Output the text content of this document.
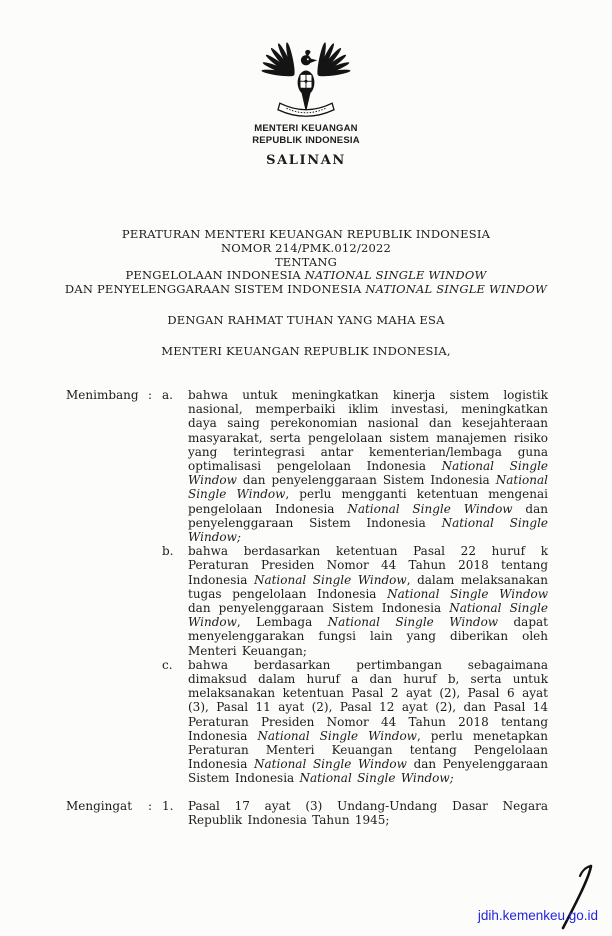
MENTERI KEUANGAN
REPUBLIK INDONESIA
SALINAN
PERATURAN MENTERI KEUANGAN REPUBLIK INDONESIA
NOMOR 214/PMK.012/2022
TENTANG
PENGELOLAAN INDONESIA NATIONAL SINGLE WINDOW
DAN PENYELENGGARAAN SISTEM INDONESIA NATIONAL SINGLE WINDOW
DENGAN RAHMAT TUHAN YANG MAHA ESA
MENTERI KEUANGAN REPUBLIK INDONESIA,
Menimbang : a.	bahwa untuk meningkatkan kinerja sistem logistik nasional, memperbaiki iklim investasi, meningkatkan daya saing perekonomian nasional dan kesejahteraan masyarakat, serta pengelolaan sistem manajemen risiko yang terintegrasi antar kementerian/lembaga guna optimalisasi pengelolaan Indonesia National Single Window dan penyelenggaraan Sistem Indonesia National Single Window, perlu mengganti ketentuan mengenai pengelolaan Indonesia National Single Window dan penyelenggaraan Sistem Indonesia National Single Window;
b.	bahwa berdasarkan ketentuan Pasal 22 huruf k Peraturan Presiden Nomor 44 Tahun 2018 tentang Indonesia National Single Window, dalam melaksanakan tugas pengelolaan Indonesia National Single Window dan penyelenggaraan Sistem Indonesia National Single Window, Lembaga National Single Window dapat menyelenggarakan fungsi lain yang diberikan oleh Menteri Keuangan;
c.	bahwa berdasarkan pertimbangan sebagaimana dimaksud dalam huruf a dan huruf b, serta untuk melaksanakan ketentuan Pasal 2 ayat (2), Pasal 6 ayat (3), Pasal 11 ayat (2), Pasal 12 ayat (2), dan Pasal 14 Peraturan Presiden Nomor 44 Tahun 2018 tentang Indonesia National Single Window, perlu menetapkan Peraturan Menteri Keuangan tentang Pengelolaan Indonesia National Single Window dan Penyelenggaraan Sistem Indonesia National Single Window;
Mengingat	: 1.	Pasal 17 ayat (3) Undang-Undang Dasar Negara Republik Indonesia Tahun 1945;
jdih.kemenkeu.go.id
